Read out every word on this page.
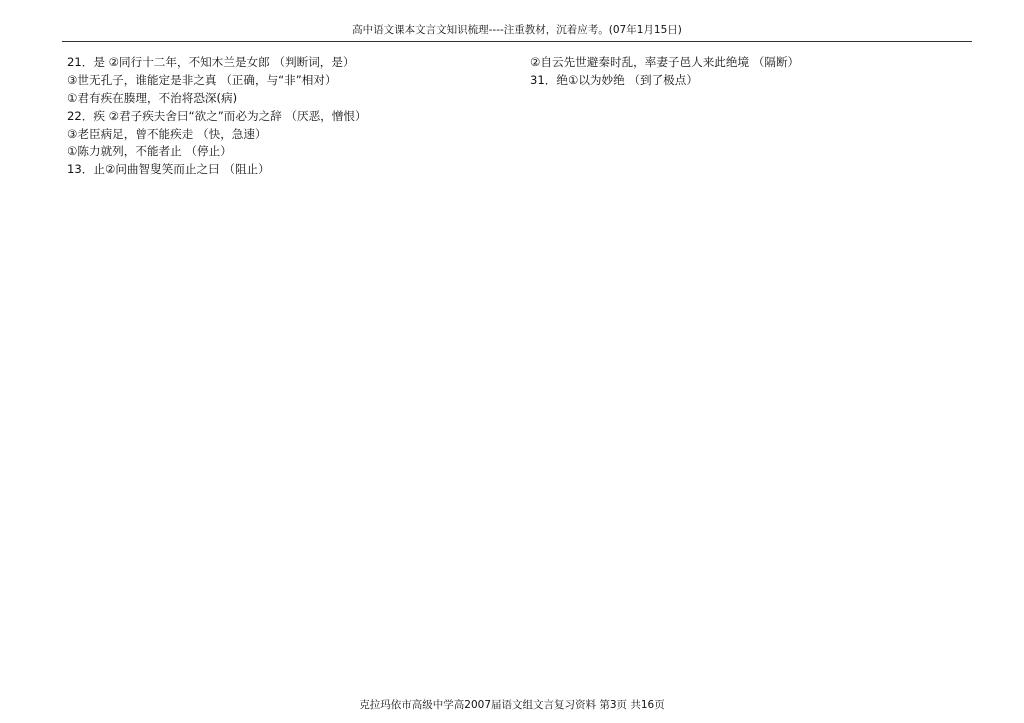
高中语文课本文言文知识梳理----注重教材，沉着应考。(07年1月15日)
21．是 ②同行十二年，不知木兰是女郎 （判断词，是）
③世无孔子，谁能定是非之真 （正确，与“非”相对）
①君有疾在腠理，不治将恐深(病)
22．疾 ②君子疾夫舍曰“欲之”而必为之辞 （厌恶，憎恨）
③老臣病足，曾不能疾走 （快，急速）
①陈力就列，不能者止 （停止）
13．止②问曲智叟笑而止之曰 （阻止）
②自云先世避秦时乱，率妻子邑人来此绝境 （隔断）
31．绝①以为妙绝 （到了极点）
克拉玛依市高级中学高2007届语文组文言复习资料 第3页 共16页
